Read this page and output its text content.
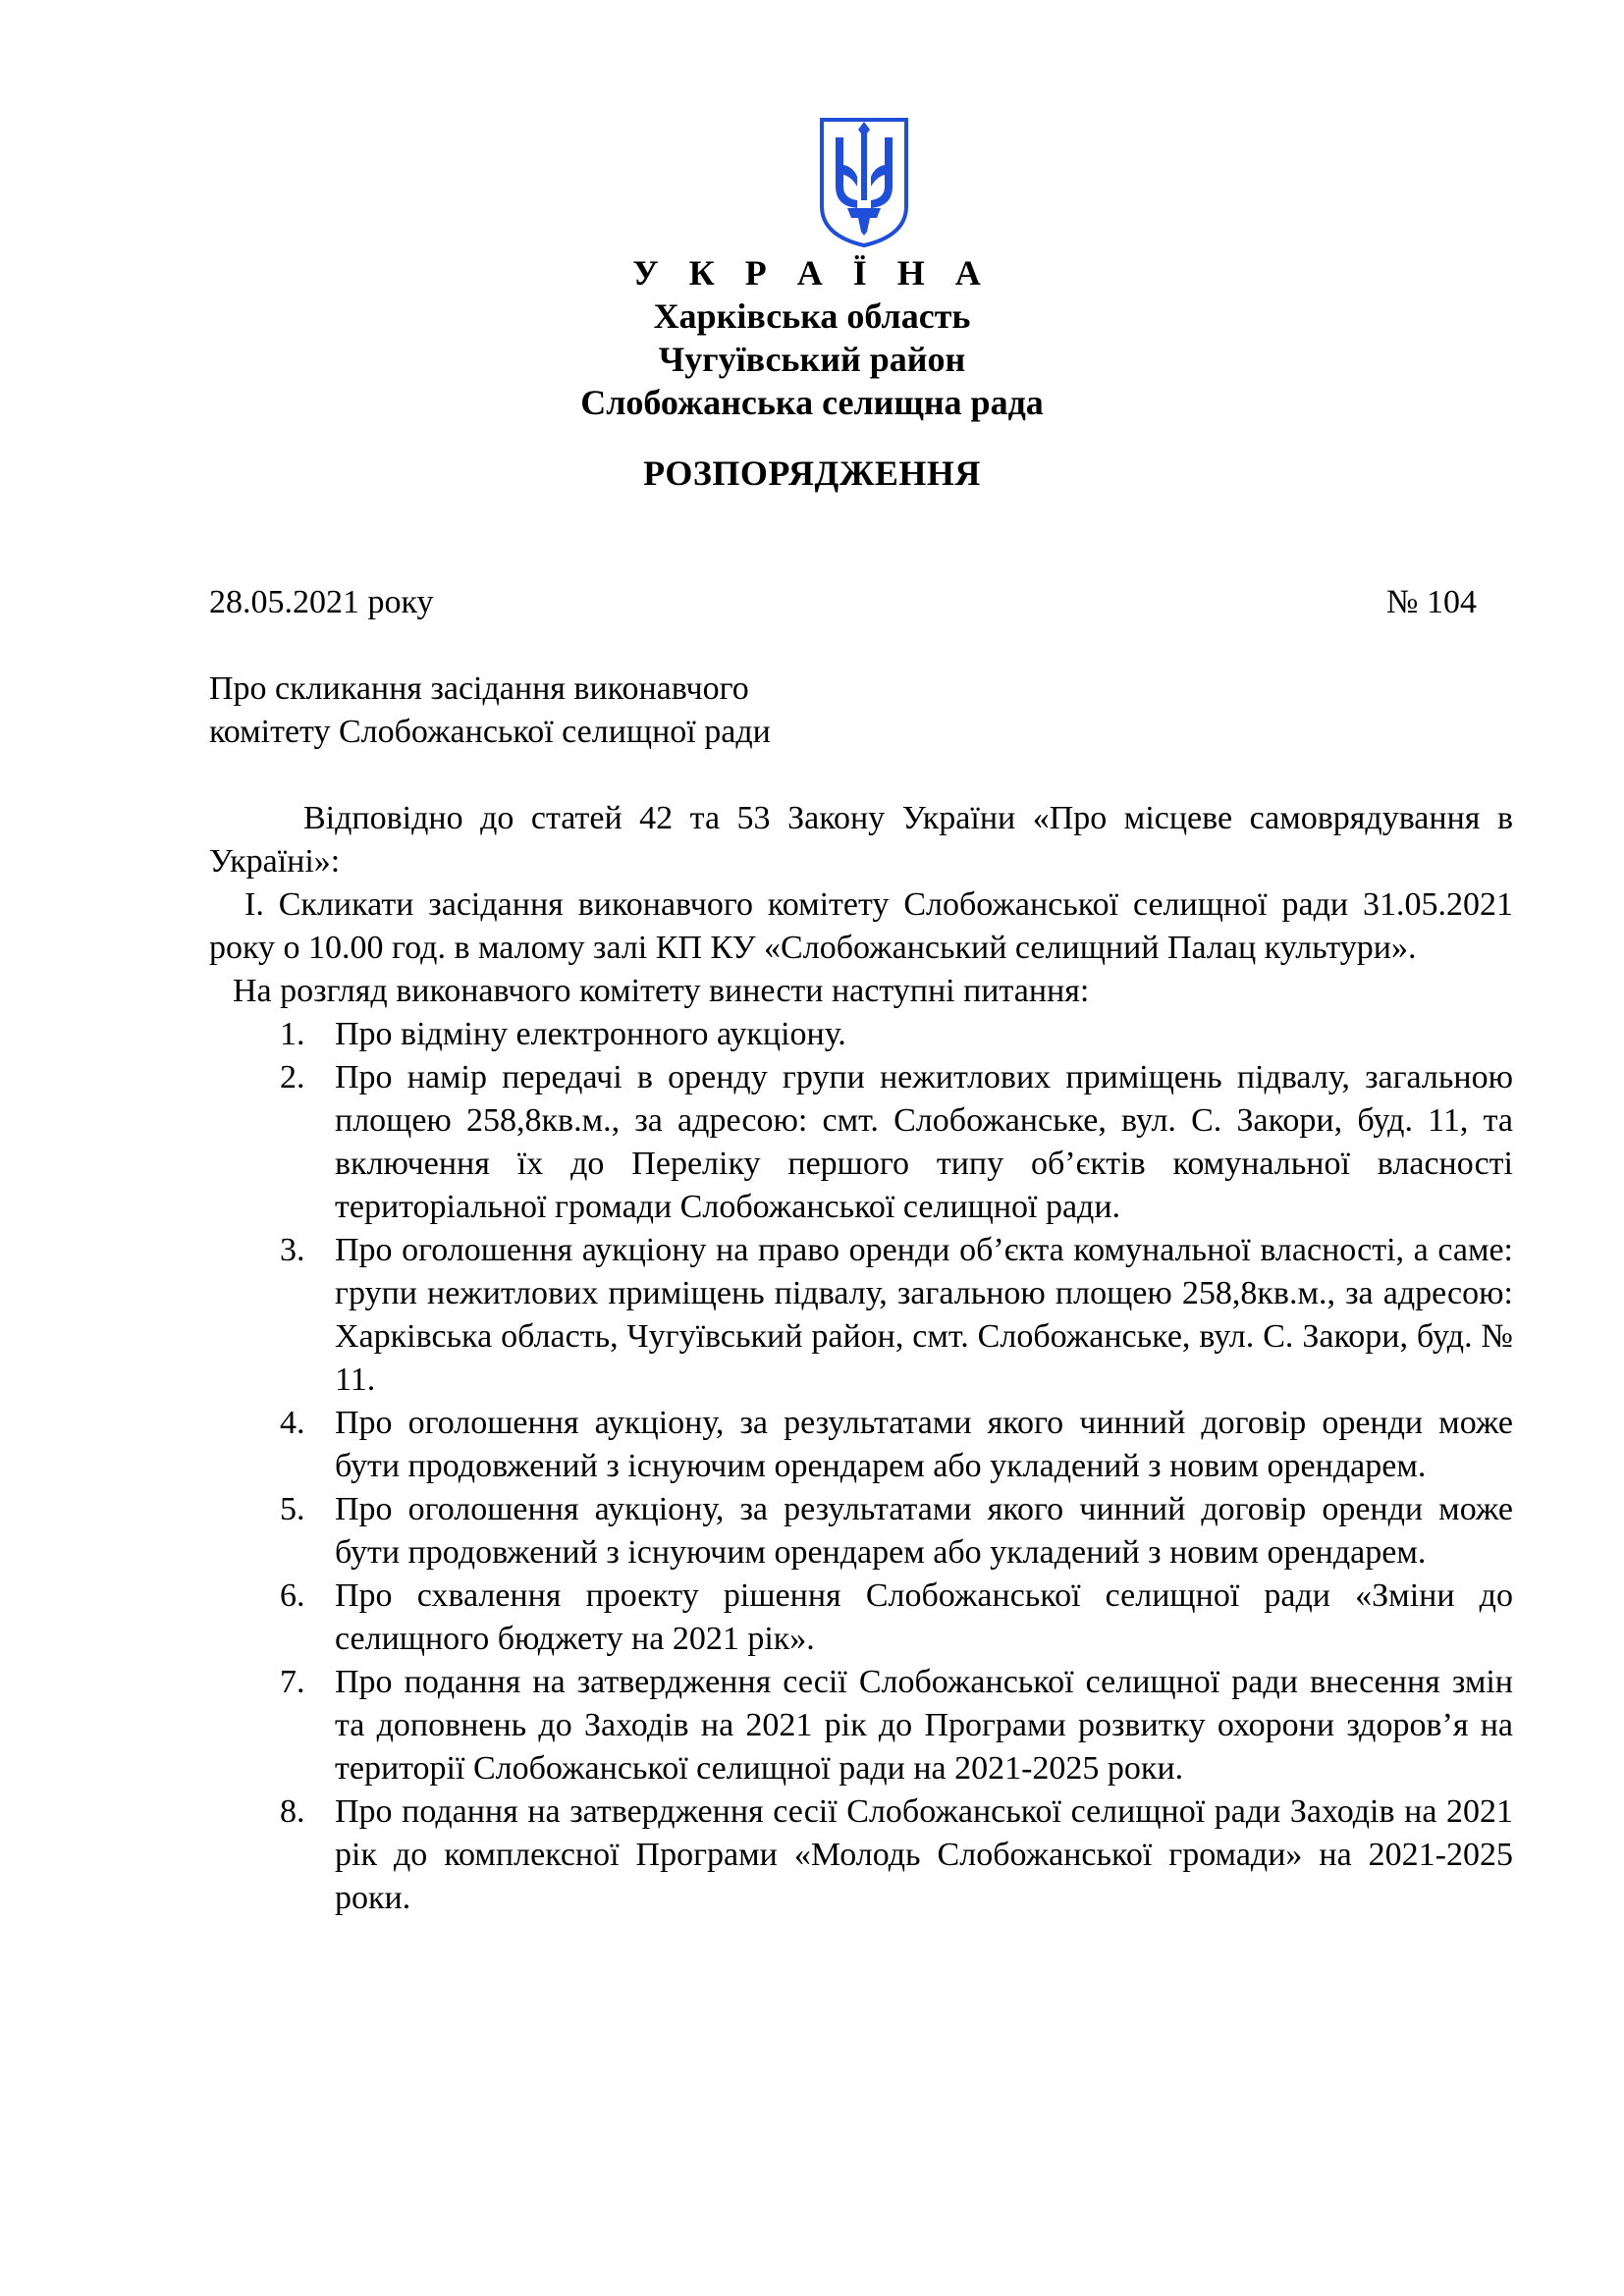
У К Р А Ї Н А
Харківська область
Чугуївський район
Слобожанська селищна рада
РОЗПОРЯДЖЕННЯ
28.05.2021 року	№ 104
Про скликання засідання виконавчого
комітету Слобожанської селищної ради

Відповідно до статей 42 та 53 Закону України «Про місцеве самоврядування в Україні»:

І. Скликати засідання виконавчого комітету Слобожанської селищної ради 31.05.2021 року о 10.00 год. в малому залі КП КУ «Слобожанський селищний Палац культури».

На розгляд виконавчого комітету винести наступні питання:

1. Про відміну електронного аукціону.
2. Про намір передачі в оренду групи нежитлових приміщень підвалу, загальною площею 258,8кв.м., за адресою: смт. Слобожанське, вул. С. Закори, буд. 11, та включення їх до Переліку першого типу об’єктів комунальної власності територіальної громади Слобожанської селищної ради.
3. Про оголошення аукціону на право оренди об’єкта комунальної власності, а саме: групи нежитлових приміщень підвалу, загальною площею 258,8кв.м., за адресою: Харківська область, Чугуївський район, смт. Слобожанське, вул. С. Закори, буд. № 11.
4. Про оголошення аукціону, за результатами якого чинний договір оренди може бути продовжений з існуючим орендарем або укладений з новим орендарем.
5. Про оголошення аукціону, за результатами якого чинний договір оренди може бути продовжений з існуючим орендарем або укладений з новим орендарем.
6. Про схвалення проекту рішення Слобожанської селищної ради «Зміни до селищного бюджету на 2021 рік».
7. Про подання на затвердження сесії Слобожанської селищної ради внесення змін та доповнень до Заходів на 2021 рік до Програми розвитку охорони здоров’я на території Слобожанської селищної ради на 2021-2025 роки.
8. Про подання на затвердження сесії Слобожанської селищної ради Заходів на 2021 рік до комплексної Програми «Молодь Слобожанської громади» на 2021-2025 роки.
